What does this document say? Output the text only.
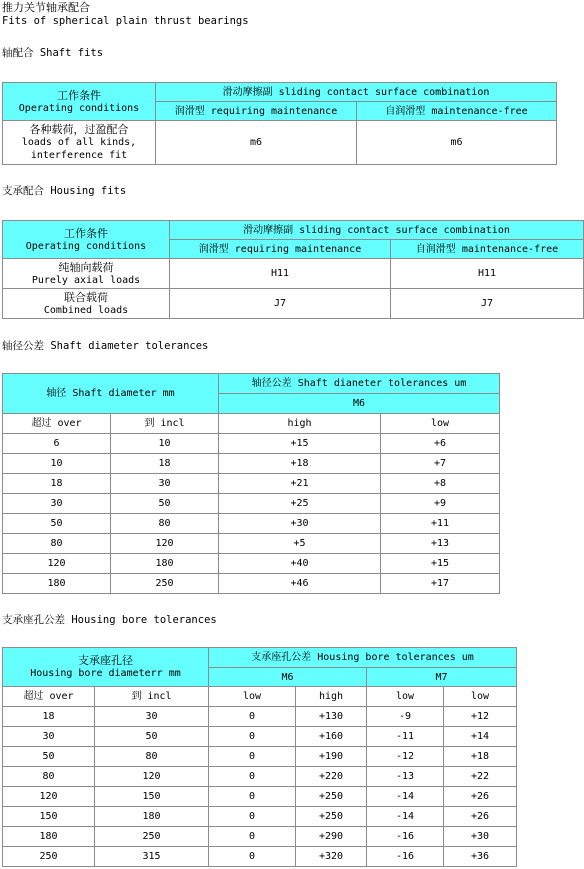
推力关节轴承配合
Fits of spherical plain thrust bearings
轴配合 Shaft fits
工作条件
Operating conditions	滑动摩擦副 sliding contact surface combination	
	润滑型 requiring maintenance	自润滑型 maintenance-free

各种载荷，过盈配合
loads of all kinds,
interference fit	m6	m6
支承配合 Housing fits
工作条件
Operating conditions	滑动摩擦副 sliding contact surface combination	
	润滑型 requiring maintenance	自润滑型 maintenance-free

纯轴向载荷
Purely axial loads	H11	H11

联合载荷
Combined loads	J7	J7
轴径公差 Shaft diameter tolerances
轴径 Shaft diameter mm		轴径公差 Shaft dianeter tolerances um	
		M6	
超过 over	到 incl	high	low
6	10	+15	+6
10	18	+18	+7
18	30	+21	+8
30	50	+25	+9
50	80	+30	+11
80	120	+5	+13
120	180	+40	+15
180	250	+46	+17
支承座孔公差 Housing bore tolerances
支承座孔径
Housing bore diameterr mm		支承座孔公差 Housing bore tolerances um			
		M6		M7	
超过 over	到 incl	low	high	low	low
18	30	0	+130	-9	+12
30	50	0	+160	-11	+14
50	80	0	+190	-12	+18
80	120	0	+220	-13	+22
120	150	0	+250	-14	+26
150	180	0	+250	-14	+26
180	250	0	+290	-16	+30
250	315	0	+320	-16	+36
